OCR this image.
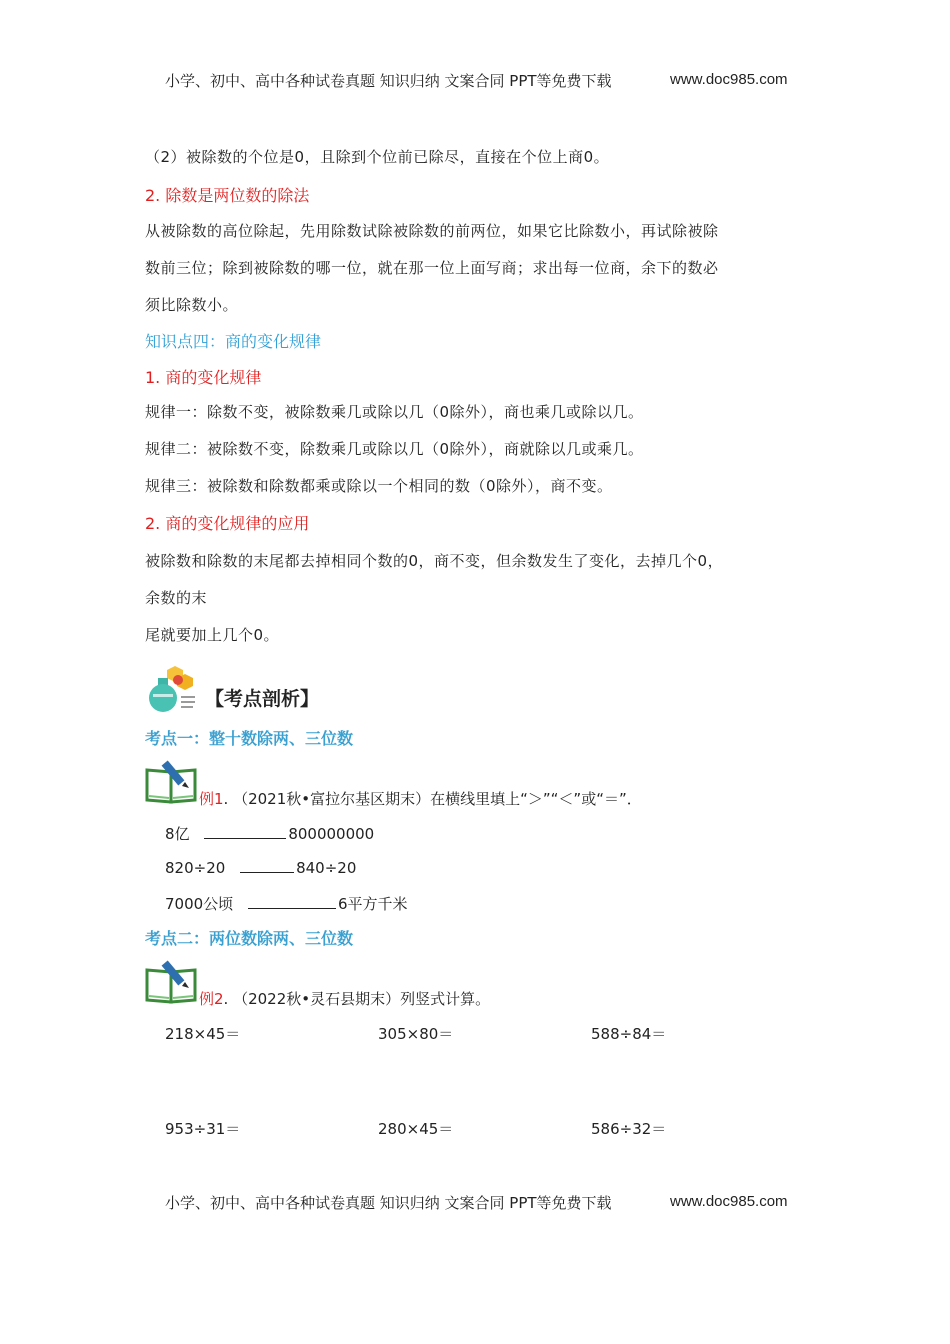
小学、初中、高中各种试卷真题 知识归纳 文案合同 PPT等免费下载	www.doc985.com
（2）被除数的个位是0，且除到个位前已除尽，直接在个位上商0。
2. 除数是两位数的除法
从被除数的高位除起，先用除数试除被除数的前两位，如果它比除数小，再试除被除
数前三位；除到被除数的哪一位，就在那一位上面写商；求出每一位商，余下的数必
须比除数小。
知识点四：商的变化规律
1. 商的变化规律
规律一：除数不变，被除数乘几或除以几（0除外），商也乘几或除以几。
规律二：被除数不变，除数乘几或除以几（0除外），商就除以几或乘几。
规律三：被除数和除数都乘或除以一个相同的数（0除外），商不变。
2. 商的变化规律的应用
被除数和除数的末尾都去掉相同个数的0，商不变，但余数发生了变化，去掉几个0，
余数的末
尾就要加上几个0。
【考点剖析】
考点一：整十数除两、三位数
例1. （2021秋•富拉尔基区期末）在横线里填上“＞”“＜”或“＝”．
8亿	800000000
820÷20	840÷20
7000公顷	6平方千米
考点二：两位数除两、三位数
例2. （2022秋•灵石县期末）列竖式计算。
218×45＝	305×80＝	588÷84＝
953÷31＝	280×45＝	586÷32＝
小学、初中、高中各种试卷真题 知识归纳 文案合同 PPT等免费下载	www.doc985.com
